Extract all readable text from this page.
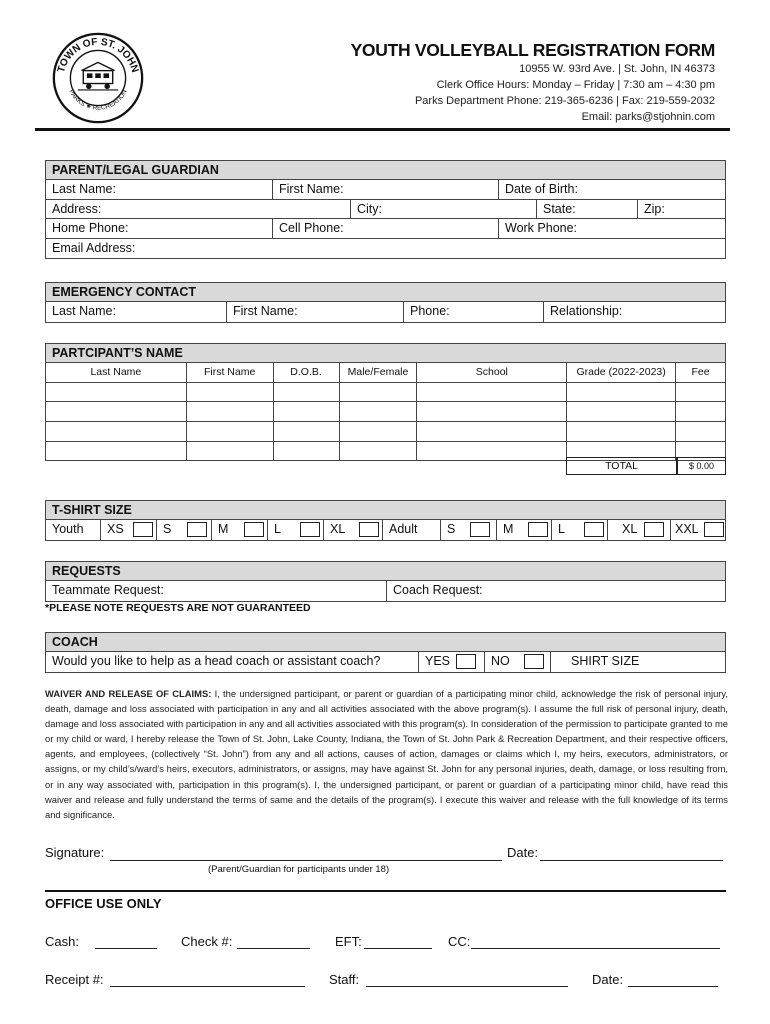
TOWN OF ST. JOHN
PARKS ★ RECREATION
YOUTH VOLLEYBALL REGISTRATION FORM
10955 W. 93rd Ave. | St. John, IN 46373
Clerk Office Hours: Monday – Friday | 7:30 am – 4:30 pm
Parks Department Phone: 219-365-6236 | Fax: 219-559-2032
Email: parks@stjohnin.com
PARENT/LEGAL GUARDIAN
Last Name:	First Name:	Date of Birth:
Address:	City:	State:	Zip:
Home Phone:	Cell Phone:	Work Phone:
Email Address:
EMERGENCY CONTACT
Last Name:	First Name:	Phone:	Relationship:
PARTCIPANT’S NAME						
Last Name	First Name	D.O.B.	Male/Female	School	Grade (2022-2023)	Fee

TOTAL	$ 0.00
T-SHIRT SIZE
Youth	XS	S	M	L	XL	Adult	S	M	L	XL	XXL
REQUESTS
Teammate Request:	Coach Request:
*PLEASE NOTE REQUESTS ARE NOT GUARANTEED
COACH
Would you like to help as a head coach or assistant coach?	YES	NO	SHIRT SIZE
WAIVER AND RELEASE OF CLAIMS: I, the undersigned participant, or parent or guardian of a participating minor child, acknowledge the risk of personal injury, death, damage and loss associated with participation in any and all activities associated with the above program(s). I assume the full risk of personal injury, death, damage and loss associated with participation in any and all activities associated with this program(s). In consideration of the permission to participate granted to me or my child or ward, I hereby release the Town of St. John, Lake County, Indiana, the Town of St. John Park & Recreation Department, and their respective officers, agents, and employees, (collectively “St. John”) from any and all actions, causes of action, damages or claims which I, my heirs, executors, administrators, or assigns, or my child’s/ward’s heirs, executors, administrators, or assigns, may have against St. John for any personal injuries, death, damage, or loss resulting from, or in any way associated with, participation in this program(s). I, the undersigned participant, or parent or guardian of a participating minor child, have read this waiver and release and fully understand the terms of same and the details of the program(s). I execute this waiver and release with the full knowledge of its terms and significance.
Signature:	Date:
(Parent/Guardian for participants under 18)
OFFICE USE ONLY
Cash:	Check #:	EFT:	CC:
Receipt #:	Staff:	Date:
